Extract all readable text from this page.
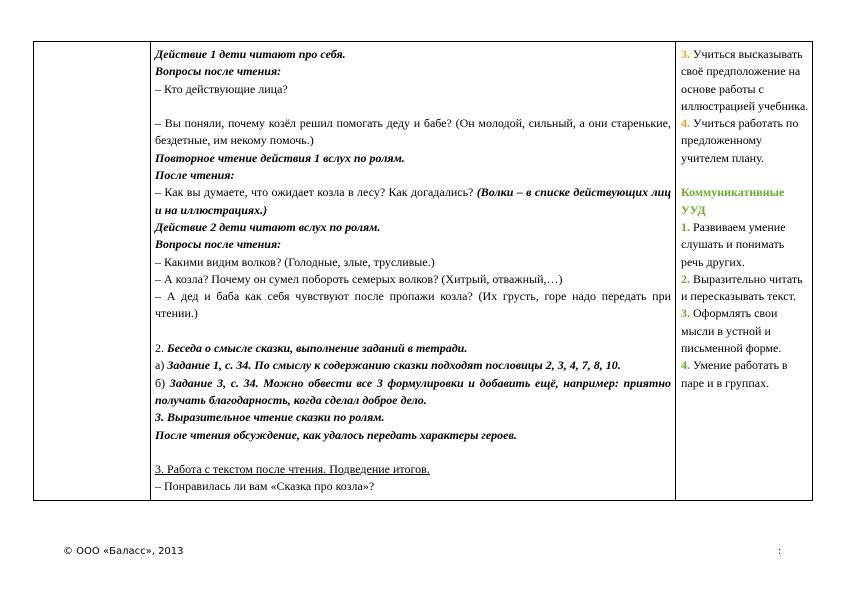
Действие 1 дети читают про себя.

Вопросы после чтения:

– Кто действующие лица?

– Вы поняли, почему козёл решил помогать деду и бабе? (Он молодой, сильный, а они старенькие, бездетные, им некому помочь.)

Повторное чтение действия 1 вслух по ролям.

После чтения:

– Как вы думаете, что ожидает козла в лесу? Как догадались? (Волки – в списке действующих лиц и на иллюстрациях.)

Действие 2 дети читают вслух по ролям.

Вопросы после чтения:

– Какими видим волков? (Голодные, злые, трусливые.)

– А козла? Почему он сумел побороть семерых волков? (Хитрый, отважный,…)

– А дед и баба как себя чувствуют после пропажи козла? (Их грусть, горе надо передать при чтении.)

2. Беседа о смысле сказки, выполнение заданий в тетради.

а) Задание 1, с. 34. По смыслу к содержанию сказки подходят пословицы 2, 3, 4, 7, 8, 10.

б) Задание 3, с. 34. Можно обвести все 3 формулировки и добавить ещё, например: приятно получать благодарность, когда сделал доброе дело.

3. Выразительное чтение сказки по ролям.

После чтения обсуждение, как удалось передать характеры героев.

3. Работа с текстом после чтения. Подведение итогов.

– Понравилась ли вам «Сказка про козла»?

3. Учиться высказывать своё предположение на основе работы с иллюстрацией учебника.

4. Учиться работать по предложенному учителем плану.

Коммуникативные УУД

1. Развиваем умение слушать и понимать речь других.

2. Выразительно читать и пересказывать текст.

3. Оформлять свои мысли в устной и письменной форме.

4. Умение работать в паре и в группах.

© ООО «Баласс», 2013	:
